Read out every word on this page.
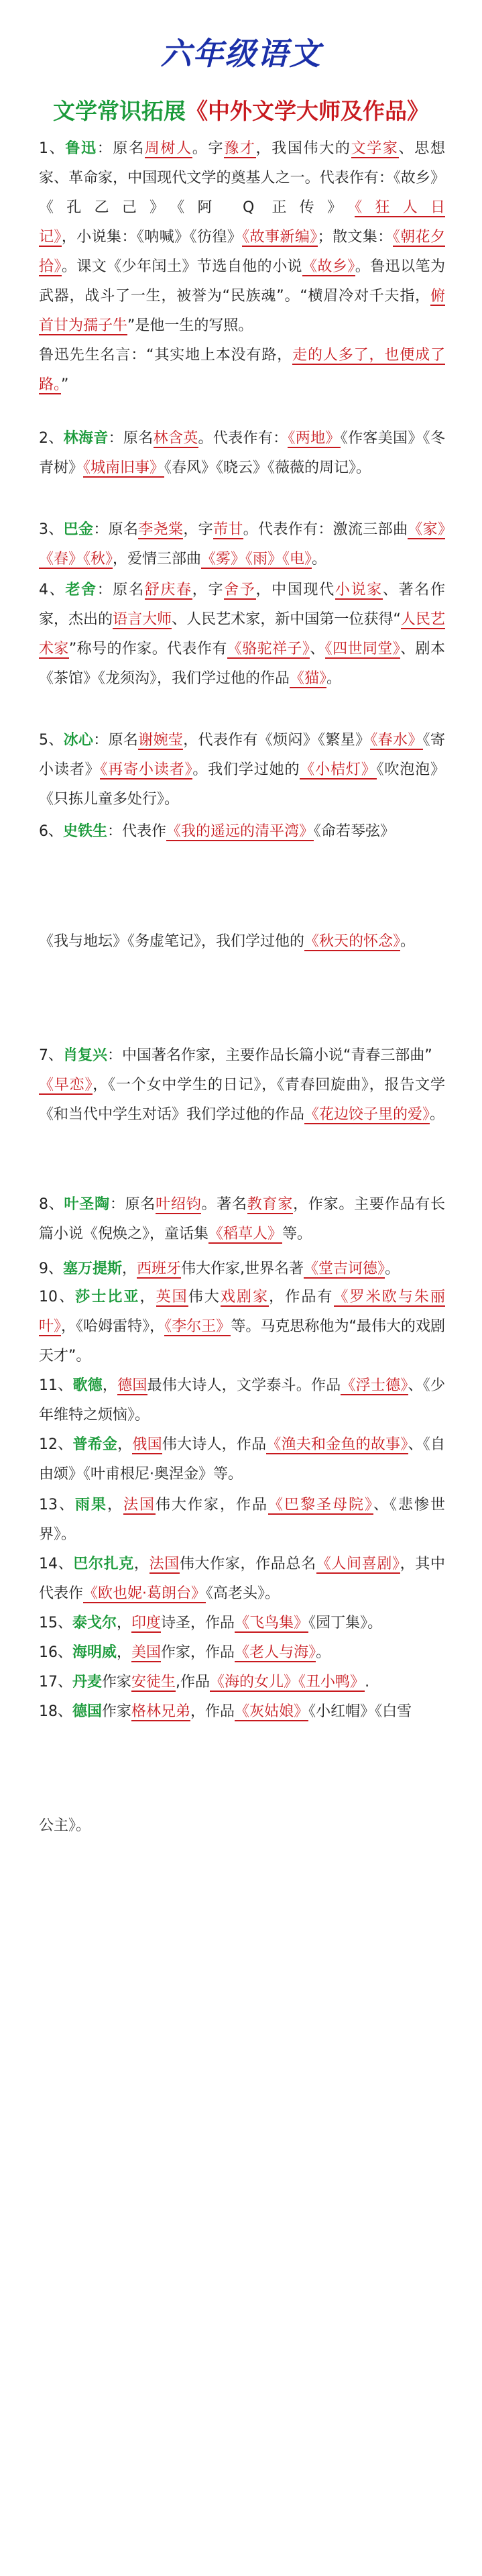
六年级语文
文学常识拓展《中外文学大师及作品》
1、鲁迅：原名周树人。字豫才，我国伟大的文学家、思想家、革命家，中国现代文学的奠基人之一。代表作有：《故乡》《孔乙己》《阿 Q 正传》《狂人日记》，小说集：《呐喊》《彷徨》《故事新编》；散文集：《朝花夕拾》。课文《少年闰土》节选自他的小说《故乡》。鲁迅以笔为武器，战斗了一生，被誉为“民族魂”。“横眉冷对千夫指，俯首甘为孺子牛”是他一生的写照。
鲁迅先生名言：“其实地上本没有路，走的人多了，也便成了路。”
2、林海音：原名林含英。代表作有：《两地》《作客美国》《冬青树》《城南旧事》《春风》《晓云》《薇薇的周记》。
3、巴金：原名李尧棠，字芾甘。代表作有：激流三部曲《家》《春》《秋》，爱情三部曲《雾》《雨》《电》。
4、老舍：原名舒庆春，字舍予，中国现代小说家、著名作家，杰出的语言大师、人民艺术家，新中国第一位获得“人民艺术家”称号的作家。代表作有《骆驼祥子》、《四世同堂》、剧本《茶馆》《龙须沟》，我们学过他的作品《猫》。
5、冰心：原名谢婉莹，代表作有《烦闷》《繁星》《春水》《寄小读者》《再寄小读者》。我们学过她的《小桔灯》《吹泡泡》《只拣儿童多处行》。
6、史铁生：代表作《我的遥远的清平湾》《命若琴弦》
《我与地坛》《务虚笔记》，我们学过他的《秋天的怀念》。
7、肖复兴：中国著名作家，主要作品长篇小说“青春三部曲”
《早恋》，《一个女中学生的日记》，《青春回旋曲》，报告文学《和当代中学生对话》我们学过他的作品《花边饺子里的爱》。
8、叶圣陶：原名叶绍钧。著名教育家，作家。主要作品有长篇小说《倪焕之》，童话集《稻草人》等。
9、塞万提斯，西班牙伟大作家,世界名著《堂吉诃德》。
10、莎士比亚，英国伟大戏剧家，作品有《罗米欧与朱丽叶》，《哈姆雷特》，《李尔王》等。马克思称他为“最伟大的戏剧天才”。
11、歌德，德国最伟大诗人，文学泰斗。作品《浮士德》、《少年维特之烦恼》。
12、普希金，俄国伟大诗人，作品《渔夫和金鱼的故事》、《自由颂》《叶甫根尼·奥涅金》等。
13、雨果，法国伟大作家，作品《巴黎圣母院》、《悲惨世界》。
14、巴尔扎克，法国伟大作家，作品总名《人间喜剧》，其中代表作《欧也妮·葛朗台》《高老头》。
15、泰戈尔，印度诗圣，作品《飞鸟集》《园丁集》。
16、海明威，美国作家，作品《老人与海》。
17、丹麦作家安徒生,作品《海的女儿》《丑小鸭》.
18、德国作家格林兄弟，作品《灰姑娘》《小红帽》《白雪
公主》。
